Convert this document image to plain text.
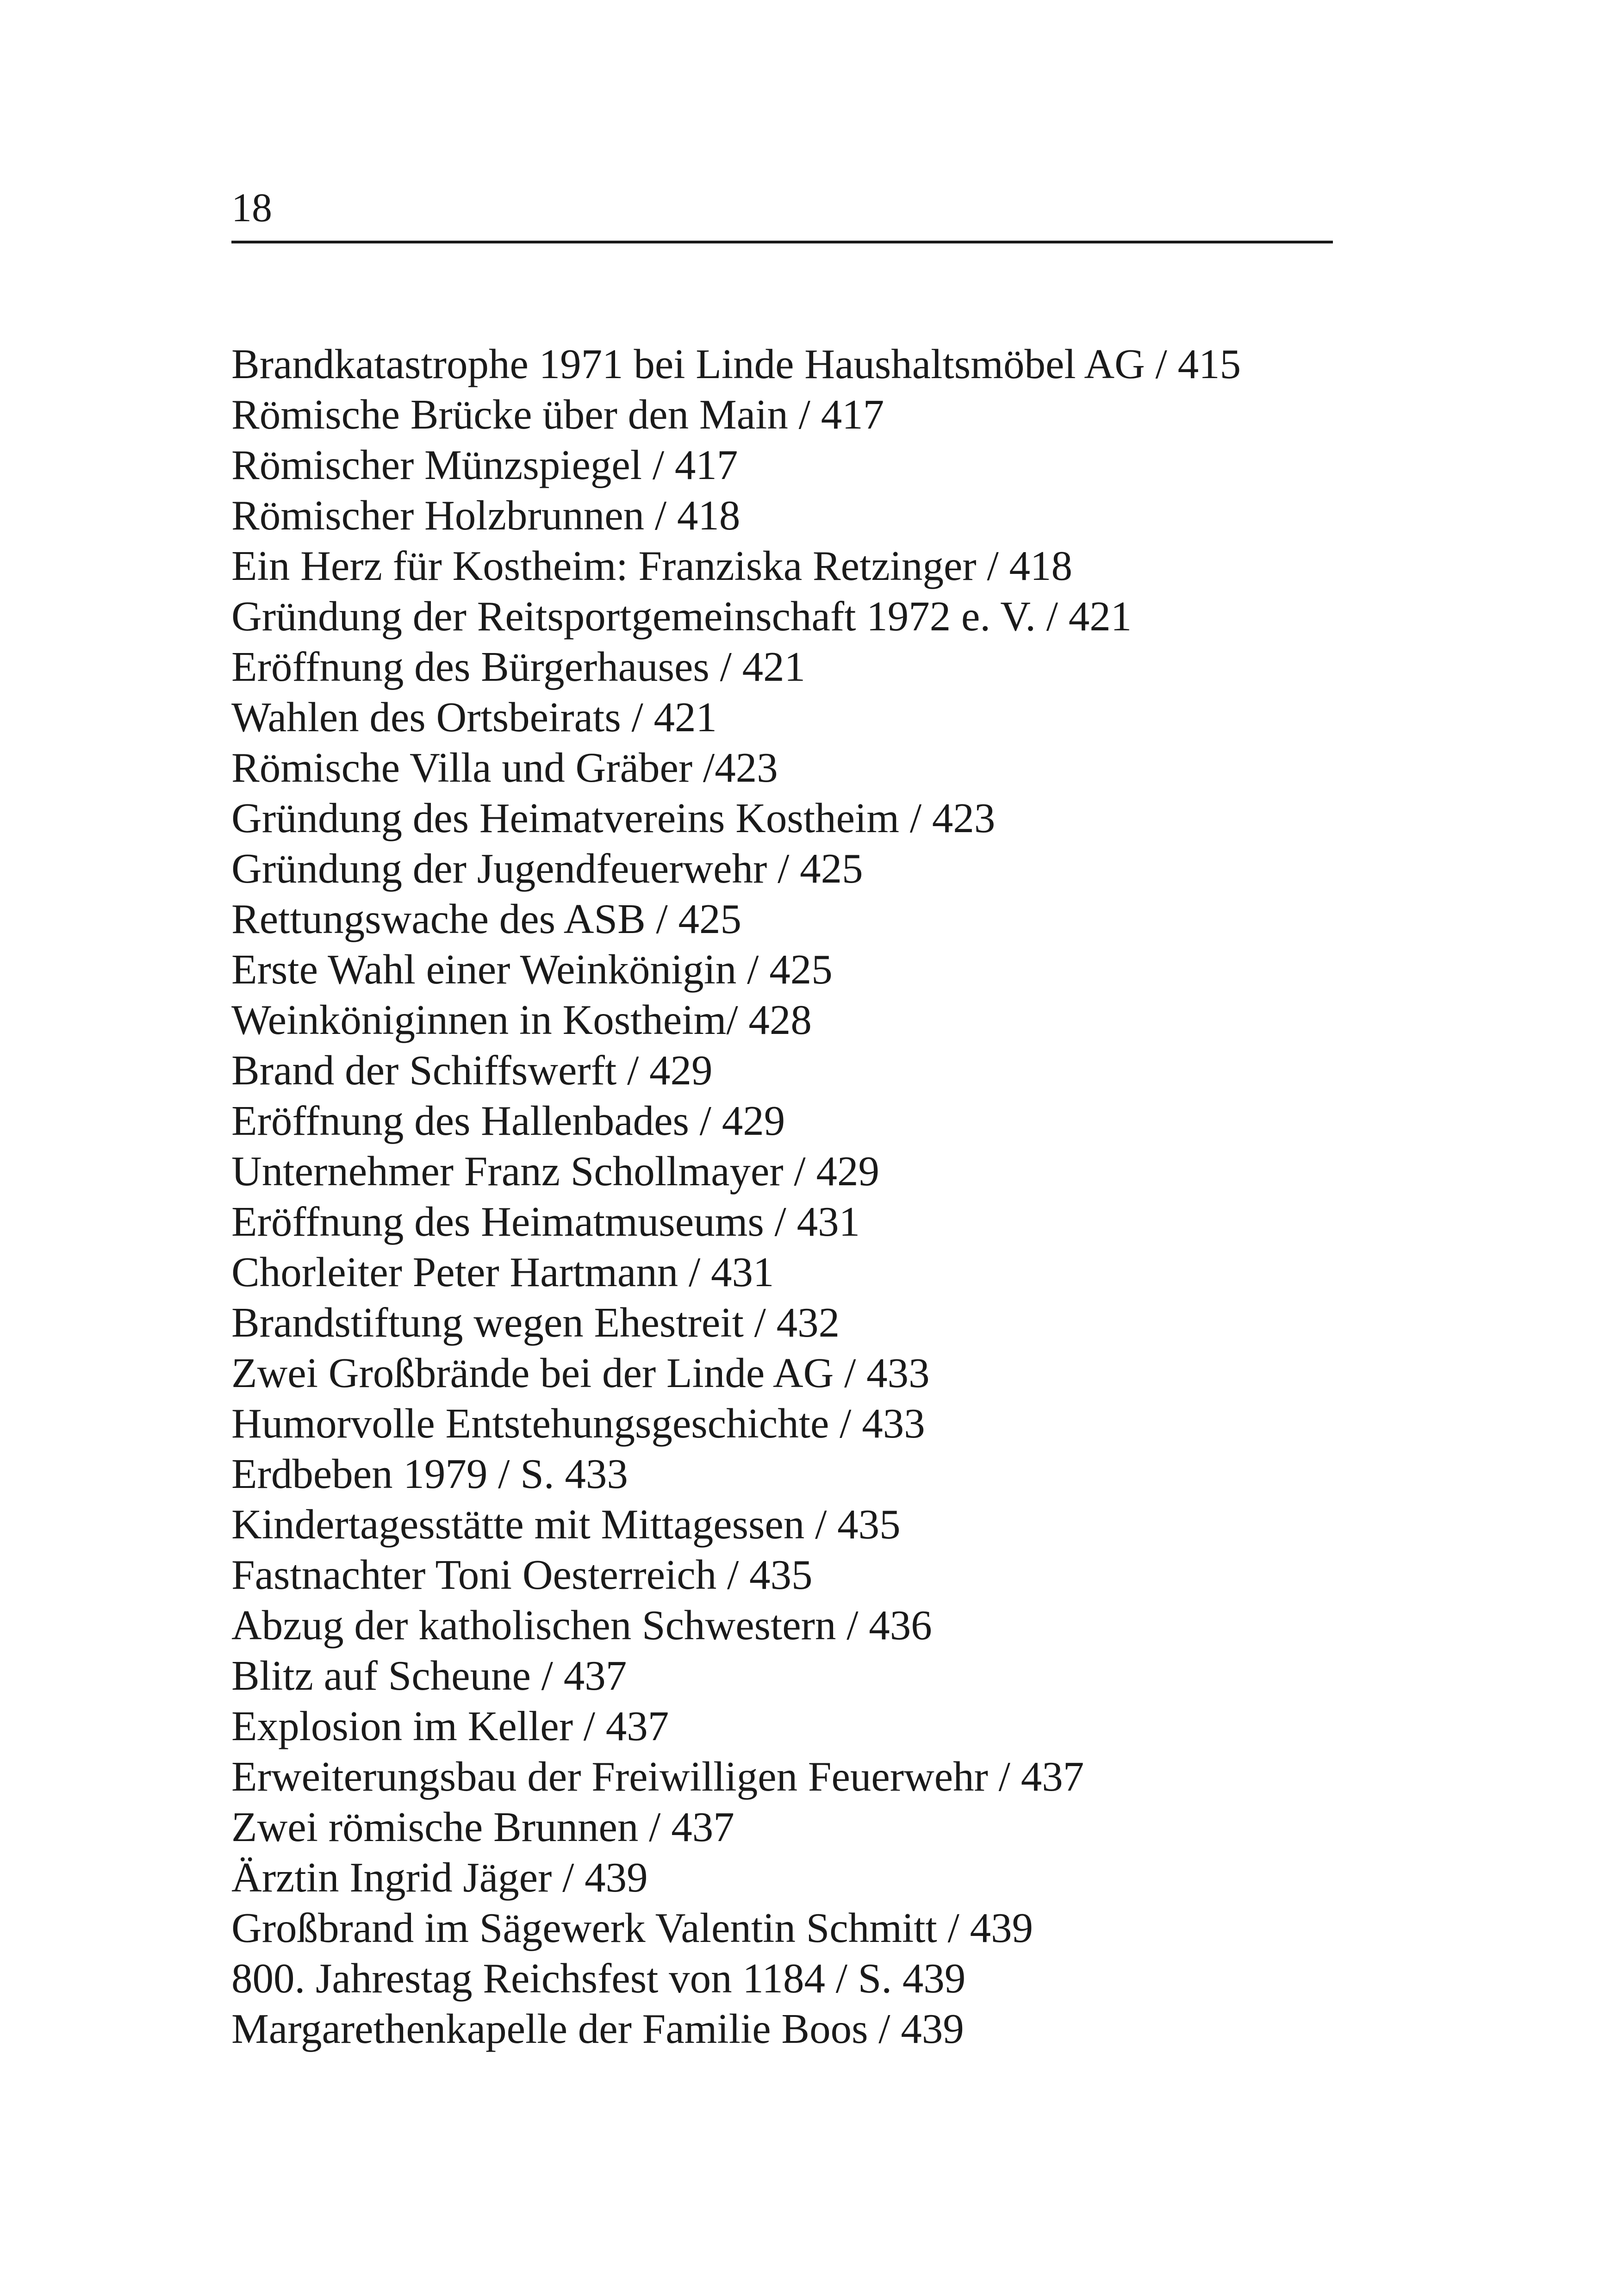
18
Brandkatastrophe 1971 bei Linde Haushaltsmöbel AG / 415
Römische Brücke über den Main / 417
Römischer Münzspiegel / 417
Römischer Holzbrunnen / 418
Ein Herz für Kostheim: Franziska Retzinger / 418
Gründung der Reitsportgemeinschaft 1972 e. V. / 421
Eröffnung des Bürgerhauses / 421
Wahlen des Ortsbeirats / 421
Römische Villa und Gräber /423
Gründung des Heimatvereins Kostheim / 423
Gründung der Jugendfeuerwehr / 425
Rettungswache des ASB / 425
Erste Wahl einer Weinkönigin / 425
Weinköniginnen in Kostheim/ 428
Brand der Schiffswerft / 429
Eröffnung des Hallenbades / 429
Unternehmer Franz Schollmayer / 429
Eröffnung des Heimatmuseums / 431
Chorleiter Peter Hartmann / 431
Brandstiftung wegen Ehestreit / 432
Zwei Großbrände bei der Linde AG / 433
Humorvolle Entstehungsgeschichte / 433
Erdbeben 1979 / S. 433
Kindertagesstätte mit Mittagessen / 435
Fastnachter Toni Oesterreich / 435
Abzug der katholischen Schwestern / 436
Blitz auf Scheune / 437
Explosion im Keller / 437
Erweiterungsbau der Freiwilligen Feuerwehr / 437
Zwei römische Brunnen / 437
Ärztin Ingrid Jäger / 439
Großbrand im Sägewerk Valentin Schmitt / 439
800. Jahrestag Reichsfest von 1184 / S. 439
Margarethenkapelle der Familie Boos / 439
